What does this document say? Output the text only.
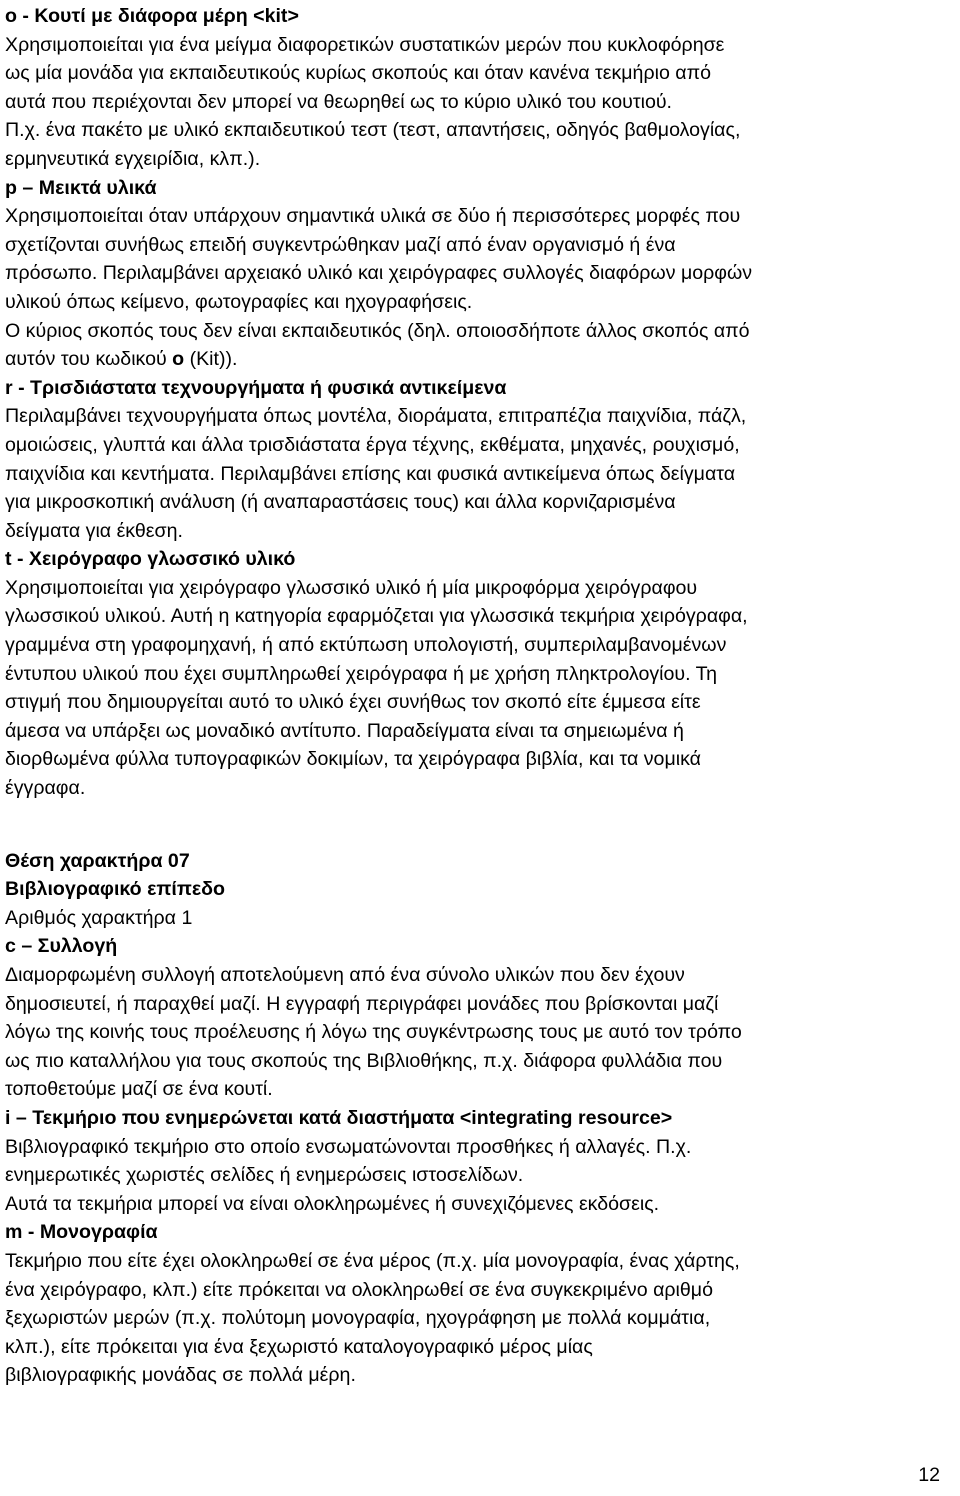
o - Κουτί με διάφορα μέρη <kit>

Χρησιμοποιείται για ένα μείγμα διαφορετικών συστατικών μερών που κυκλοφόρησε

ως μία μονάδα για εκπαιδευτικούς κυρίως σκοπούς και όταν κανένα τεκμήριο από

αυτά που περιέχονται δεν μπορεί να θεωρηθεί ως το κύριο υλικό του κουτιού.

Π.χ. ένα πακέτο με υλικό εκπαιδευτικού τεστ (τεστ, απαντήσεις, οδηγός βαθμολογίας,

ερμηνευτικά εγχειρίδια, κλπ.).

p – Μεικτά υλικά

Χρησιμοποιείται όταν υπάρχουν σημαντικά υλικά σε δύο ή περισσότερες μορφές που

σχετίζονται συνήθως επειδή συγκεντρώθηκαν μαζί από έναν οργανισμό ή ένα

πρόσωπο. Περιλαμβάνει αρχειακό υλικό και χειρόγραφες συλλογές διαφόρων μορφών

υλικού όπως κείμενο, φωτογραφίες και ηχογραφήσεις.

Ο κύριος σκοπός τους δεν είναι εκπαιδευτικός (δηλ. οποιοσδήποτε άλλος σκοπός από

αυτόν του κωδικού o (Kit)).

r - Τρισδιάστατα τεχνουργήματα ή φυσικά αντικείμενα

Περιλαμβάνει τεχνουργήματα όπως μοντέλα, διοράματα, επιτραπέζια παιχνίδια, πάζλ,

ομοιώσεις, γλυπτά και άλλα τρισδιάστατα έργα τέχνης, εκθέματα, μηχανές, ρουχισμό,

παιχνίδια και κεντήματα. Περιλαμβάνει επίσης και φυσικά αντικείμενα όπως δείγματα

για μικροσκοπική ανάλυση (ή αναπαραστάσεις τους) και άλλα κορνιζαρισμένα

δείγματα για έκθεση.

t - Χειρόγραφο γλωσσικό υλικό

Χρησιμοποιείται για χειρόγραφο γλωσσικό υλικό ή μία μικροφόρμα χειρόγραφου

γλωσσικού υλικού. Αυτή η κατηγορία εφαρμόζεται για γλωσσικά τεκμήρια χειρόγραφα,

γραμμένα στη γραφομηχανή, ή από εκτύπωση υπολογιστή, συμπεριλαμβανομένων

έντυπου υλικού που έχει συμπληρωθεί χειρόγραφα ή με χρήση πληκτρολογίου. Τη

στιγμή που δημιουργείται αυτό το υλικό έχει συνήθως τον σκοπό είτε έμμεσα είτε

άμεσα να υπάρξει ως μοναδικό αντίτυπο. Παραδείγματα είναι τα σημειωμένα ή

διορθωμένα φύλλα τυπογραφικών δοκιμίων, τα χειρόγραφα βιβλία, και τα νομικά

έγγραφα.

Θέση χαρακτήρα 07

Βιβλιογραφικό επίπεδο

Αριθμός χαρακτήρα 1

c – Συλλογή

Διαμορφωμένη συλλογή αποτελούμενη από ένα σύνολο υλικών που δεν έχουν

δημοσιευτεί, ή παραχθεί μαζί. Η εγγραφή περιγράφει μονάδες που βρίσκονται μαζί

λόγω της κοινής τους προέλευσης ή λόγω της συγκέντρωσης τους με αυτό τον τρόπο

ως πιο καταλλήλου για τους σκοπούς της Βιβλιοθήκης, π.χ. διάφορα φυλλάδια που

τοποθετούμε μαζί σε ένα κουτί.

i – Τεκμήριο που ενημερώνεται κατά διαστήματα <integrating resource>

Βιβλιογραφικό τεκμήριο στο οποίο ενσωματώνονται προσθήκες ή αλλαγές. Π.χ.

ενημερωτικές χωριστές σελίδες ή ενημερώσεις ιστοσελίδων.

Αυτά τα τεκμήρια μπορεί να είναι ολοκληρωμένες ή συνεχιζόμενες εκδόσεις.

m - Μονογραφία

Τεκμήριο που είτε έχει ολοκληρωθεί σε ένα μέρος (π.χ. μία μονογραφία, ένας χάρτης,

ένα χειρόγραφο, κλπ.) είτε πρόκειται να ολοκληρωθεί σε ένα συγκεκριμένο αριθμό

ξεχωριστών μερών (π.χ. πολύτομη μονογραφία, ηχογράφηση με πολλά κομμάτια,

κλπ.), είτε πρόκειται για ένα ξεχωριστό καταλογογραφικό μέρος μίας

βιβλιογραφικής μονάδας σε πολλά μέρη.

12
